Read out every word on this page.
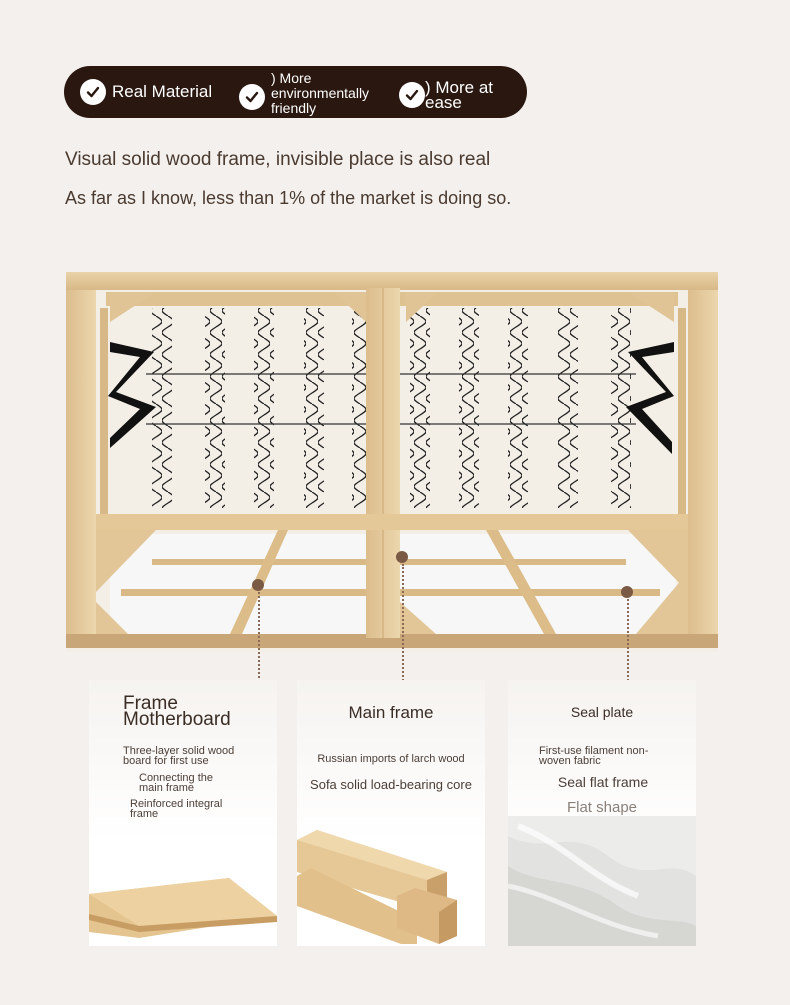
Real Material
) More environmentally friendly
) More at ease
Visual solid wood frame, invisible place is also real
As far as I know, less than 1% of the market is doing so.
Frame Motherboard
Three-layer solid wood board for first use
Connecting the main frame
Reinforced integral frame
Main frame
Russian imports of larch wood
Sofa solid load-bearing core
Seal plate
First-use filament non-woven fabric
Seal flat frame
Flat shape
